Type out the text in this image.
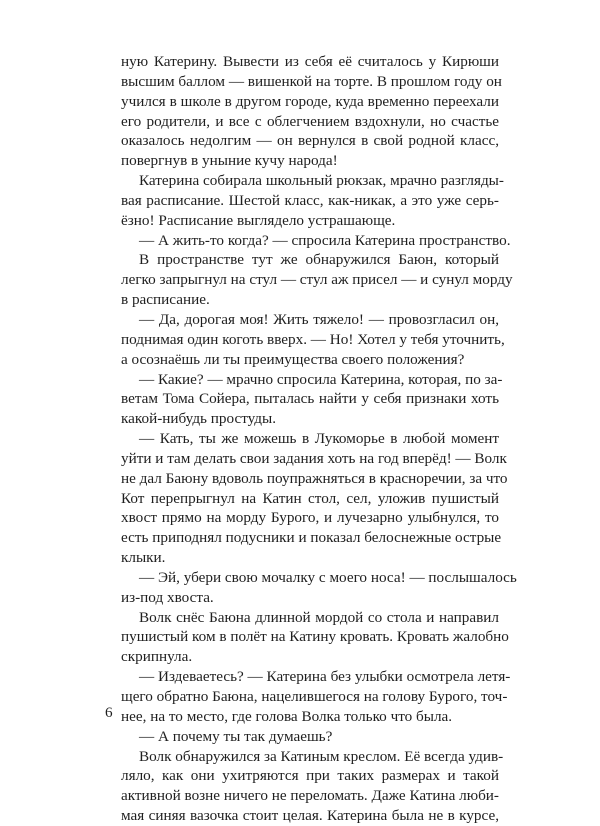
ную Катерину. Вывести из себя её считалось у Кирюши
высшим баллом — вишенкой на торте. В прошлом году он
учился в школе в другом городе, куда временно переехали
его родители, и все с облегчением вздохнули, но счастье
оказалось недолгим — он вернулся в свой родной класс,
повергнув в уныние кучу народа!
Катерина собирала школьный рюкзак, мрачно разгляды-
вая расписание. Шестой класс, как-никак, а это уже серь-
ёзно! Расписание выглядело устрашающе.
— А жить-то когда? — спросила Катерина пространство.
В пространстве тут же обнаружился Баюн, который
легко запрыгнул на стул — стул аж присел — и сунул морду
в расписание.
— Да, дорогая моя! Жить тяжело! — провозгласил он,
поднимая один коготь вверх. — Но! Хотел у тебя уточнить,
а осознаёшь ли ты преимущества своего положения?
— Какие? — мрачно спросила Катерина, которая, по за-
ветам Тома Сойера, пыталась найти у себя признаки хоть
какой-нибудь простуды.
— Кать, ты же можешь в Лукоморье в любой момент
уйти и там делать свои задания хоть на год вперёд! — Волк
не дал Баюну вдоволь поупражняться в красноречии, за что
Кот перепрыгнул на Катин стол, сел, уложив пушистый
хвост прямо на морду Бурого, и лучезарно улыбнулся, то
есть приподнял подусники и показал белоснежные острые
клыки.
— Эй, убери свою мочалку с моего носа! — послышалось
из-под хвоста.
Волк снёс Баюна длинной мордой со стола и направил
пушистый ком в полёт на Катину кровать. Кровать жалобно
скрипнула.
— Издеваетесь? — Катерина без улыбки осмотрела летя-
щего обратно Баюна, нацелившегося на голову Бурого, точ-
нее, на то место, где голова Волка только что была.
— А почему ты так думаешь?
Волк обнаружился за Катиным креслом. Её всегда удив-
ляло, как они ухитряются при таких размерах и такой
активной возне ничего не переломать. Даже Катина люби-
мая синяя вазочка стоит целая. Катерина была не в курсе,
6
